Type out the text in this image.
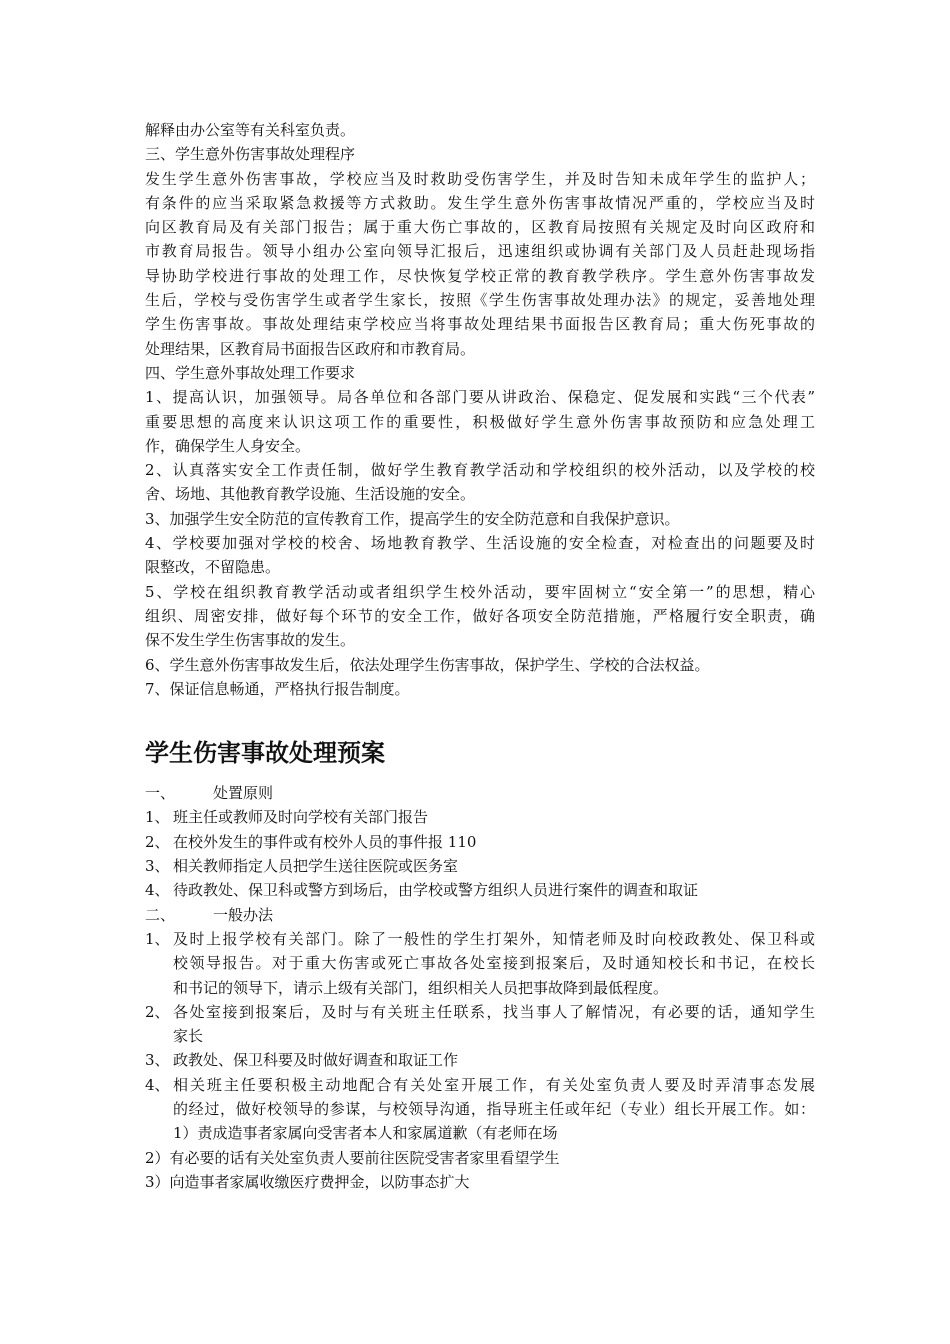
解释由办公室等有关科室负责。
三、学生意外伤害事故处理程序
发生学生意外伤害事故，学校应当及时救助受伤害学生，并及时告知未成年学生的监护人；
有条件的应当采取紧急救援等方式救助。发生学生意外伤害事故情况严重的，学校应当及时
向区教育局及有关部门报告；属于重大伤亡事故的，区教育局按照有关规定及时向区政府和
市教育局报告。领导小组办公室向领导汇报后，迅速组织或协调有关部门及人员赶赴现场指
导协助学校进行事故的处理工作，尽快恢复学校正常的教育教学秩序。学生意外伤害事故发
生后，学校与受伤害学生或者学生家长，按照《学生伤害事故处理办法》的规定，妥善地处理
学生伤害事故。事故处理结束学校应当将事故处理结果书面报告区教育局；重大伤死事故的
处理结果，区教育局书面报告区政府和市教育局。
四、学生意外事故处理工作要求
1、提高认识，加强领导。局各单位和各部门要从讲政治、保稳定、促发展和实践“三个代表”
重要思想的高度来认识这项工作的重要性，积极做好学生意外伤害事故预防和应急处理工
作，确保学生人身安全。
2、认真落实安全工作责任制，做好学生教育教学活动和学校组织的校外活动，以及学校的校
舍、场地、其他教育教学设施、生活设施的安全。
3、加强学生安全防范的宣传教育工作，提高学生的安全防范意和自我保护意识。
4、学校要加强对学校的校舍、场地教育教学、生活设施的安全检查，对检查出的问题要及时
限整改，不留隐患。
5、学校在组织教育教学活动或者组织学生校外活动，要牢固树立“安全第一”的思想，精心
组织、周密安排，做好每个环节的安全工作，做好各项安全防范措施，严格履行安全职责，确
保不发生学生伤害事故的发生。
6、学生意外伤害事故发生后，依法处理学生伤害事故，保护学生、学校的合法权益。
7、保证信息畅通，严格执行报告制度。
学生伤害事故处理预案
一、	处置原则
1、 班主任或教师及时向学校有关部门报告
2、 在校外发生的事件或有校外人员的事件报 110
3、 相关教师指定人员把学生送往医院或医务室
4、 待政教处、保卫科或警方到场后，由学校或警方组织人员进行案件的调查和取证
二、	一般办法
1、 及时上报学校有关部门。除了一般性的学生打架外，知情老师及时向校政教处、保卫科或
校领导报告。对于重大伤害或死亡事故各处室接到报案后，及时通知校长和书记，在校长
和书记的领导下，请示上级有关部门，组织相关人员把事故降到最低程度。
2、 各处室接到报案后，及时与有关班主任联系，找当事人了解情况，有必要的话，通知学生
家长
3、 政教处、保卫科要及时做好调查和取证工作
4、 相关班主任要积极主动地配合有关处室开展工作，有关处室负责人要及时弄清事态发展
的经过，做好校领导的参谋，与校领导沟通，指导班主任或年纪（专业）组长开展工作。如：
1）责成造事者家属向受害者本人和家属道歉（有老师在场
2）有必要的话有关处室负责人要前往医院受害者家里看望学生
3）向造事者家属收缴医疗费押金，以防事态扩大
